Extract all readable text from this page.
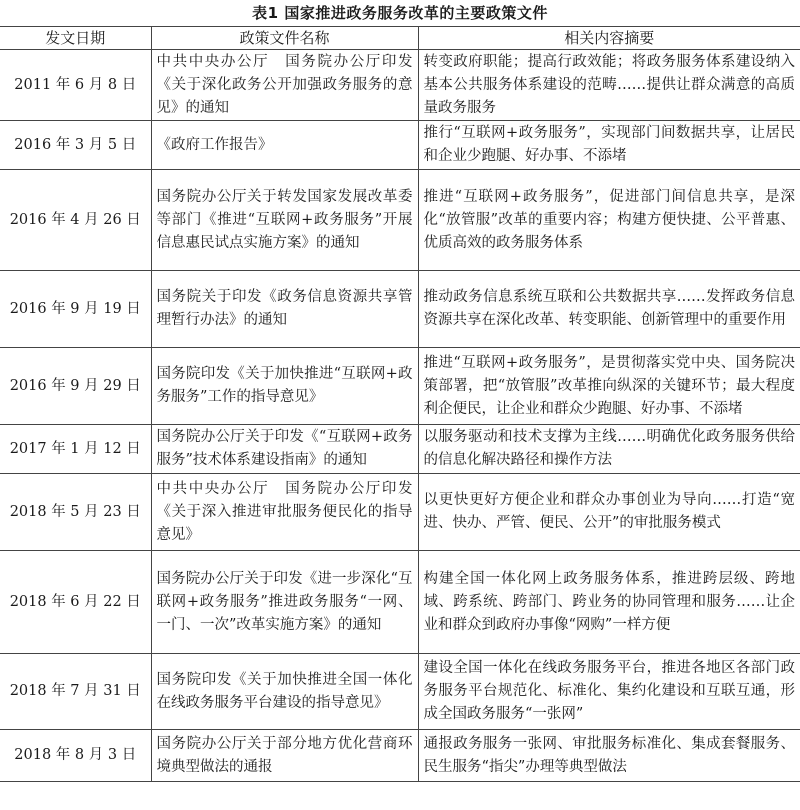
表1 国家推进政务服务改革的主要政策文件
发文日期	政策文件名称	相关内容摘要
2011 年 6 月 8 日	中共中央办公厅　国务院办公厅印发《关于深化政务公开加强政务服务的意见》的通知	转变政府职能；提高行政效能；将政务服务体系建设纳入基本公共服务体系建设的范畴……提供让群众满意的高质量政务服务
2016 年 3 月 5 日	《政府工作报告》	推行“互联网+政务服务”，实现部门间数据共享，让居民和企业少跑腿、好办事、不添堵
2016 年 4 月 26 日	国务院办公厅关于转发国家发展改革委等部门《推进“互联网+政务服务”开展信息惠民试点实施方案》的通知	推进“互联网+政务服务”，促进部门间信息共享，是深化“放管服”改革的重要内容；构建方便快捷、公平普惠、优质高效的政务服务体系
2016 年 9 月 19 日	国务院关于印发《政务信息资源共享管理暂行办法》的通知	推动政务信息系统互联和公共数据共享……发挥政务信息资源共享在深化改革、转变职能、创新管理中的重要作用
2016 年 9 月 29 日	国务院印发《关于加快推进“互联网+政务服务”工作的指导意见》	推进“互联网+政务服务”，是贯彻落实党中央、国务院决策部署，把“放管服”改革推向纵深的关键环节；最大程度利企便民，让企业和群众少跑腿、好办事、不添堵
2017 年 1 月 12 日	国务院办公厅关于印发《“互联网+政务服务”技术体系建设指南》的通知	以服务驱动和技术支撑为主线……明确优化政务服务供给的信息化解决路径和操作方法
2018 年 5 月 23 日	中共中央办公厅　国务院办公厅印发《关于深入推进审批服务便民化的指导意见》	以更快更好方便企业和群众办事创业为导向……打造“宽进、快办、严管、便民、公开”的审批服务模式
2018 年 6 月 22 日	国务院办公厅关于印发《进一步深化“互联网+政务服务”推进政务服务“一网、一门、一次”改革实施方案》的通知	构建全国一体化网上政务服务体系，推进跨层级、跨地域、跨系统、跨部门、跨业务的协同管理和服务……让企业和群众到政府办事像“网购”一样方便
2018 年 7 月 31 日	国务院印发《关于加快推进全国一体化在线政务服务平台建设的指导意见》	建设全国一体化在线政务服务平台，推进各地区各部门政务服务平台规范化、标准化、集约化建设和互联互通，形成全国政务服务“一张网”
2018 年 8 月 3 日	国务院办公厅关于部分地方优化营商环境典型做法的通报	通报政务服务一张网、审批服务标准化、集成套餐服务、民生服务“指尖”办理等典型做法
